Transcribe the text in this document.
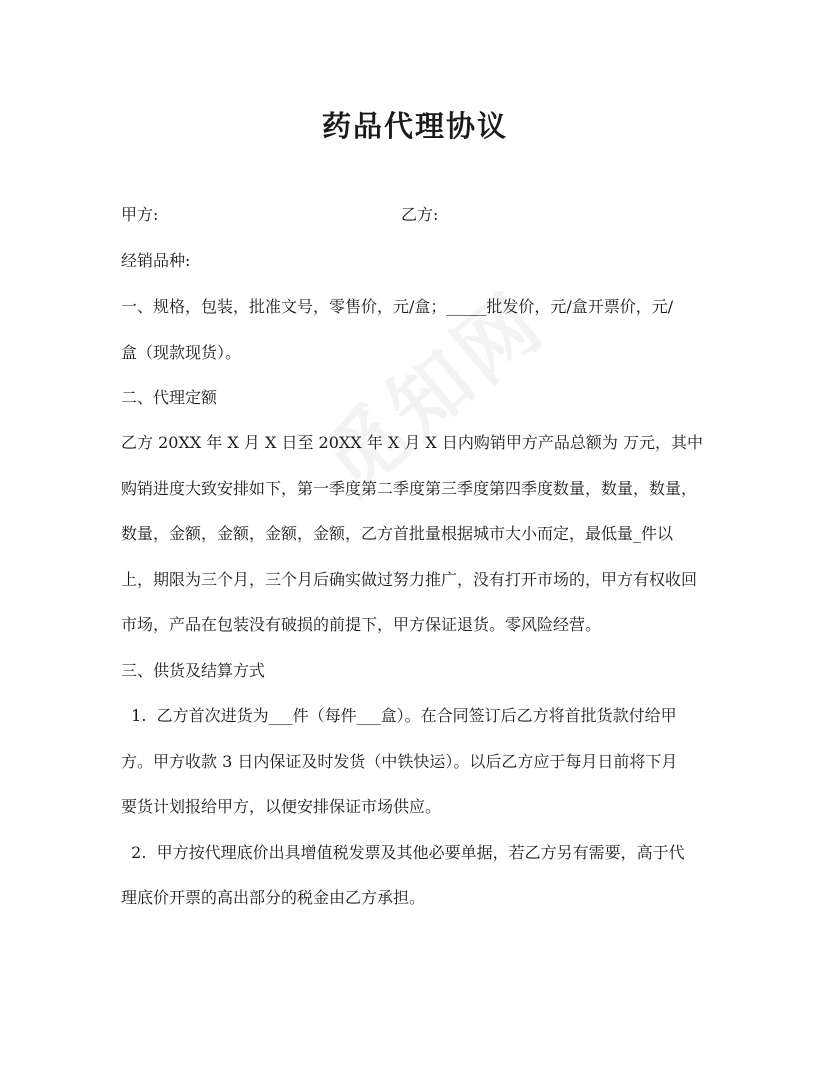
药品代理协议
甲方:	乙方:
经销品种:
一、规格，包装，批准文号，零售价，元/盒；_____批发价，元/盒开票价，元/
盒（现款现货）。
二、代理定额
乙方 20XX 年 X 月 X 日至 20XX 年 X 月 X 日内购销甲方产品总额为 万元，其中
购销进度大致安排如下，第一季度第二季度第三季度第四季度数量，数量，数量，
数量，金额，金额，金额，金额，乙方首批量根据城市大小而定，最低量_件以
上，期限为三个月，三个月后确实做过努力推广，没有打开市场的，甲方有权收回
市场，产品在包装没有破损的前提下，甲方保证退货。零风险经营。
三、供货及结算方式
1.  乙方首次进货为___件（每件___盒）。在合同签订后乙方将首批货款付给甲
方。甲方收款 3 日内保证及时发货（中铁快运）。以后乙方应于每月日前将下月
要货计划报给甲方，以便安排保证市场供应。
2.  甲方按代理底价出具增值税发票及其他必要单据，若乙方另有需要，高于代
理底价开票的高出部分的税金由乙方承担。
